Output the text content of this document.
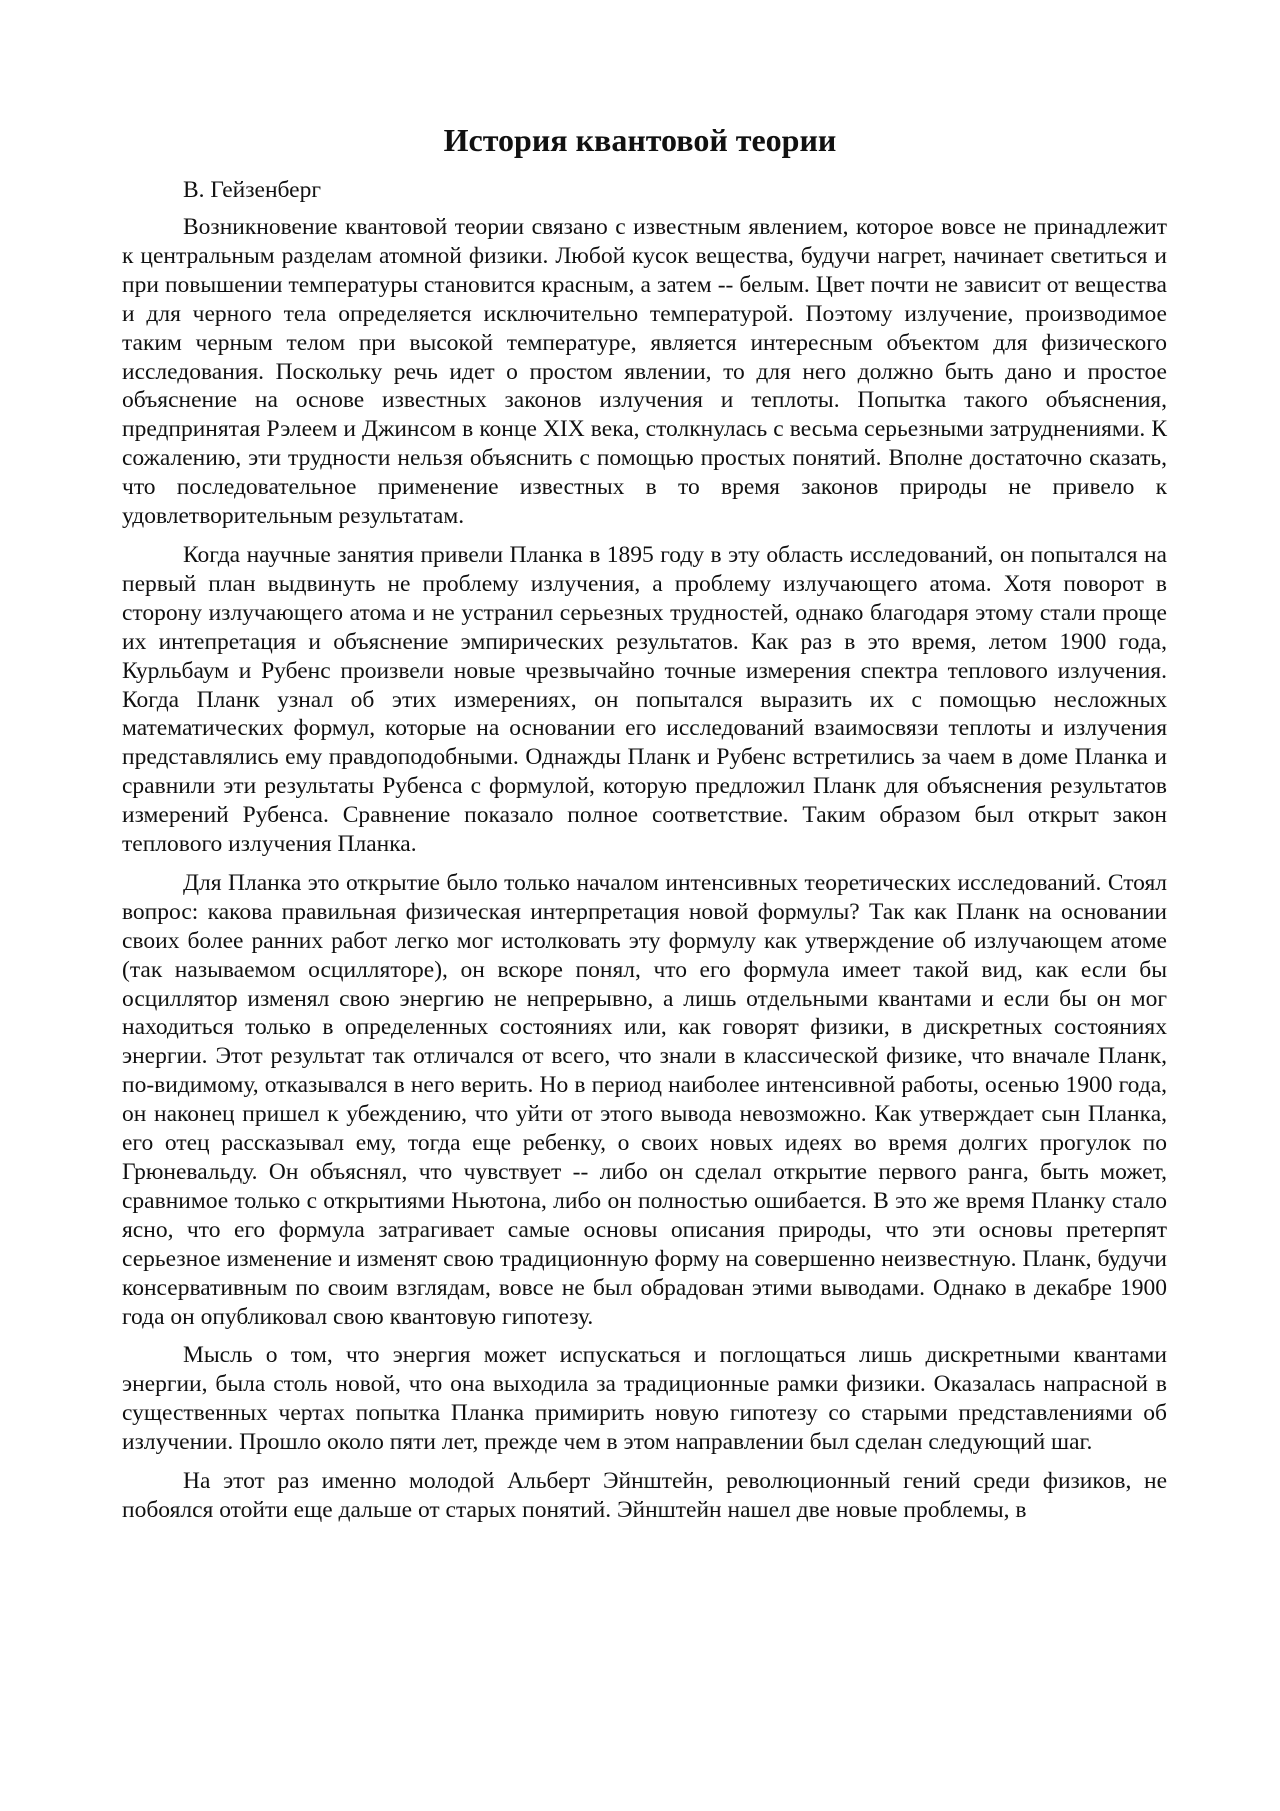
История квантовой теории

В. Гейзенберг

Возникновение квантовой теории связано с известным явлением, которое вовсе не принадлежит к центральным разделам атомной физики. Любой кусок вещества, будучи нагрет, начинает светиться и при повышении температуры становится красным, а затем -- белым. Цвет почти не зависит от вещества и для черного тела определяется исключительно температурой. Поэтому излучение, производимое таким черным телом при высокой температуре, является интересным объектом для физического исследования. Поскольку речь идет о простом явлении, то для него должно быть дано и простое объяснение на основе известных законов излучения и теплоты. Попытка такого объяснения, предпринятая Рэлеем и Джинсом в конце XIX века, столкнулась с весьма серьезными затруднениями. К сожалению, эти трудности нельзя объяснить с помощью простых понятий. Вполне достаточно сказать, что последовательное применение известных в то время законов природы не привело к удовлетворительным результатам.

Когда научные занятия привели Планка в 1895 году в эту область исследований, он попытался на первый план выдвинуть не проблему излучения, а проблему излучающего атома. Хотя поворот в сторону излучающего атома и не устранил серьезных трудностей, однако благодаря этому стали проще их интепретация и объяснение эмпирических результатов. Как раз в это время, летом 1900 года, Курльбаум и Рубенс произвели новые чрезвычайно точные измерения спектра теплового излучения. Когда Планк узнал об этих измерениях, он попытался выразить их с помощью несложных математических формул, которые на основании его исследований взаимосвязи теплоты и излучения представлялись ему правдоподобными. Однажды Планк и Рубенс встретились за чаем в доме Планка и сравнили эти результаты Рубенса с формулой, которую предложил Планк для объяснения результатов измерений Рубенса. Сравнение показало полное соответствие. Таким образом был открыт закон теплового излучения Планка.

Для Планка это открытие было только началом интенсивных теоретических исследований. Стоял вопрос: какова правильная физическая интерпретация новой формулы? Так как Планк на основании своих более ранних работ легко мог истолковать эту формулу как утверждение об излучающем атоме (так называемом осцилляторе), он вскоре понял, что его формула имеет такой вид, как если бы осциллятор изменял свою энергию не непрерывно, а лишь отдельными квантами и если бы он мог находиться только в определенных состояниях или, как говорят физики, в дискретных состояниях энергии. Этот результат так отличался от всего, что знали в классической физике, что вначале Планк, по-видимому, отказывался в него верить. Но в период наиболее интенсивной работы, осенью 1900 года, он наконец пришел к убеждению, что уйти от этого вывода невозможно. Как утверждает сын Планка, его отец рассказывал ему, тогда еще ребенку, о своих новых идеях во время долгих прогулок по Грюневальду. Он объяснял, что чувствует -- либо он сделал открытие первого ранга, быть может, сравнимое только с открытиями Ньютона, либо он полностью ошибается. В это же время Планку стало ясно, что его формула затрагивает самые основы описания природы, что эти основы претерпят серьезное изменение и изменят свою традиционную форму на совершенно неизвестную. Планк, будучи консервативным по своим взглядам, вовсе не был обрадован этими выводами. Однако в декабре 1900 года он опубликовал свою квантовую гипотезу.

Мысль о том, что энергия может испускаться и поглощаться лишь дискретными квантами энергии, была столь новой, что она выходила за традиционные рамки физики. Оказалась напрасной в существенных чертах попытка Планка примирить новую гипотезу со старыми представлениями об излучении. Прошло около пяти лет, прежде чем в этом направлении был сделан следующий шаг.

На этот раз именно молодой Альберт Эйнштейн, революционный гений среди физиков, не побоялся отойти еще дальше от старых понятий. Эйнштейн нашел две новые проблемы, в
